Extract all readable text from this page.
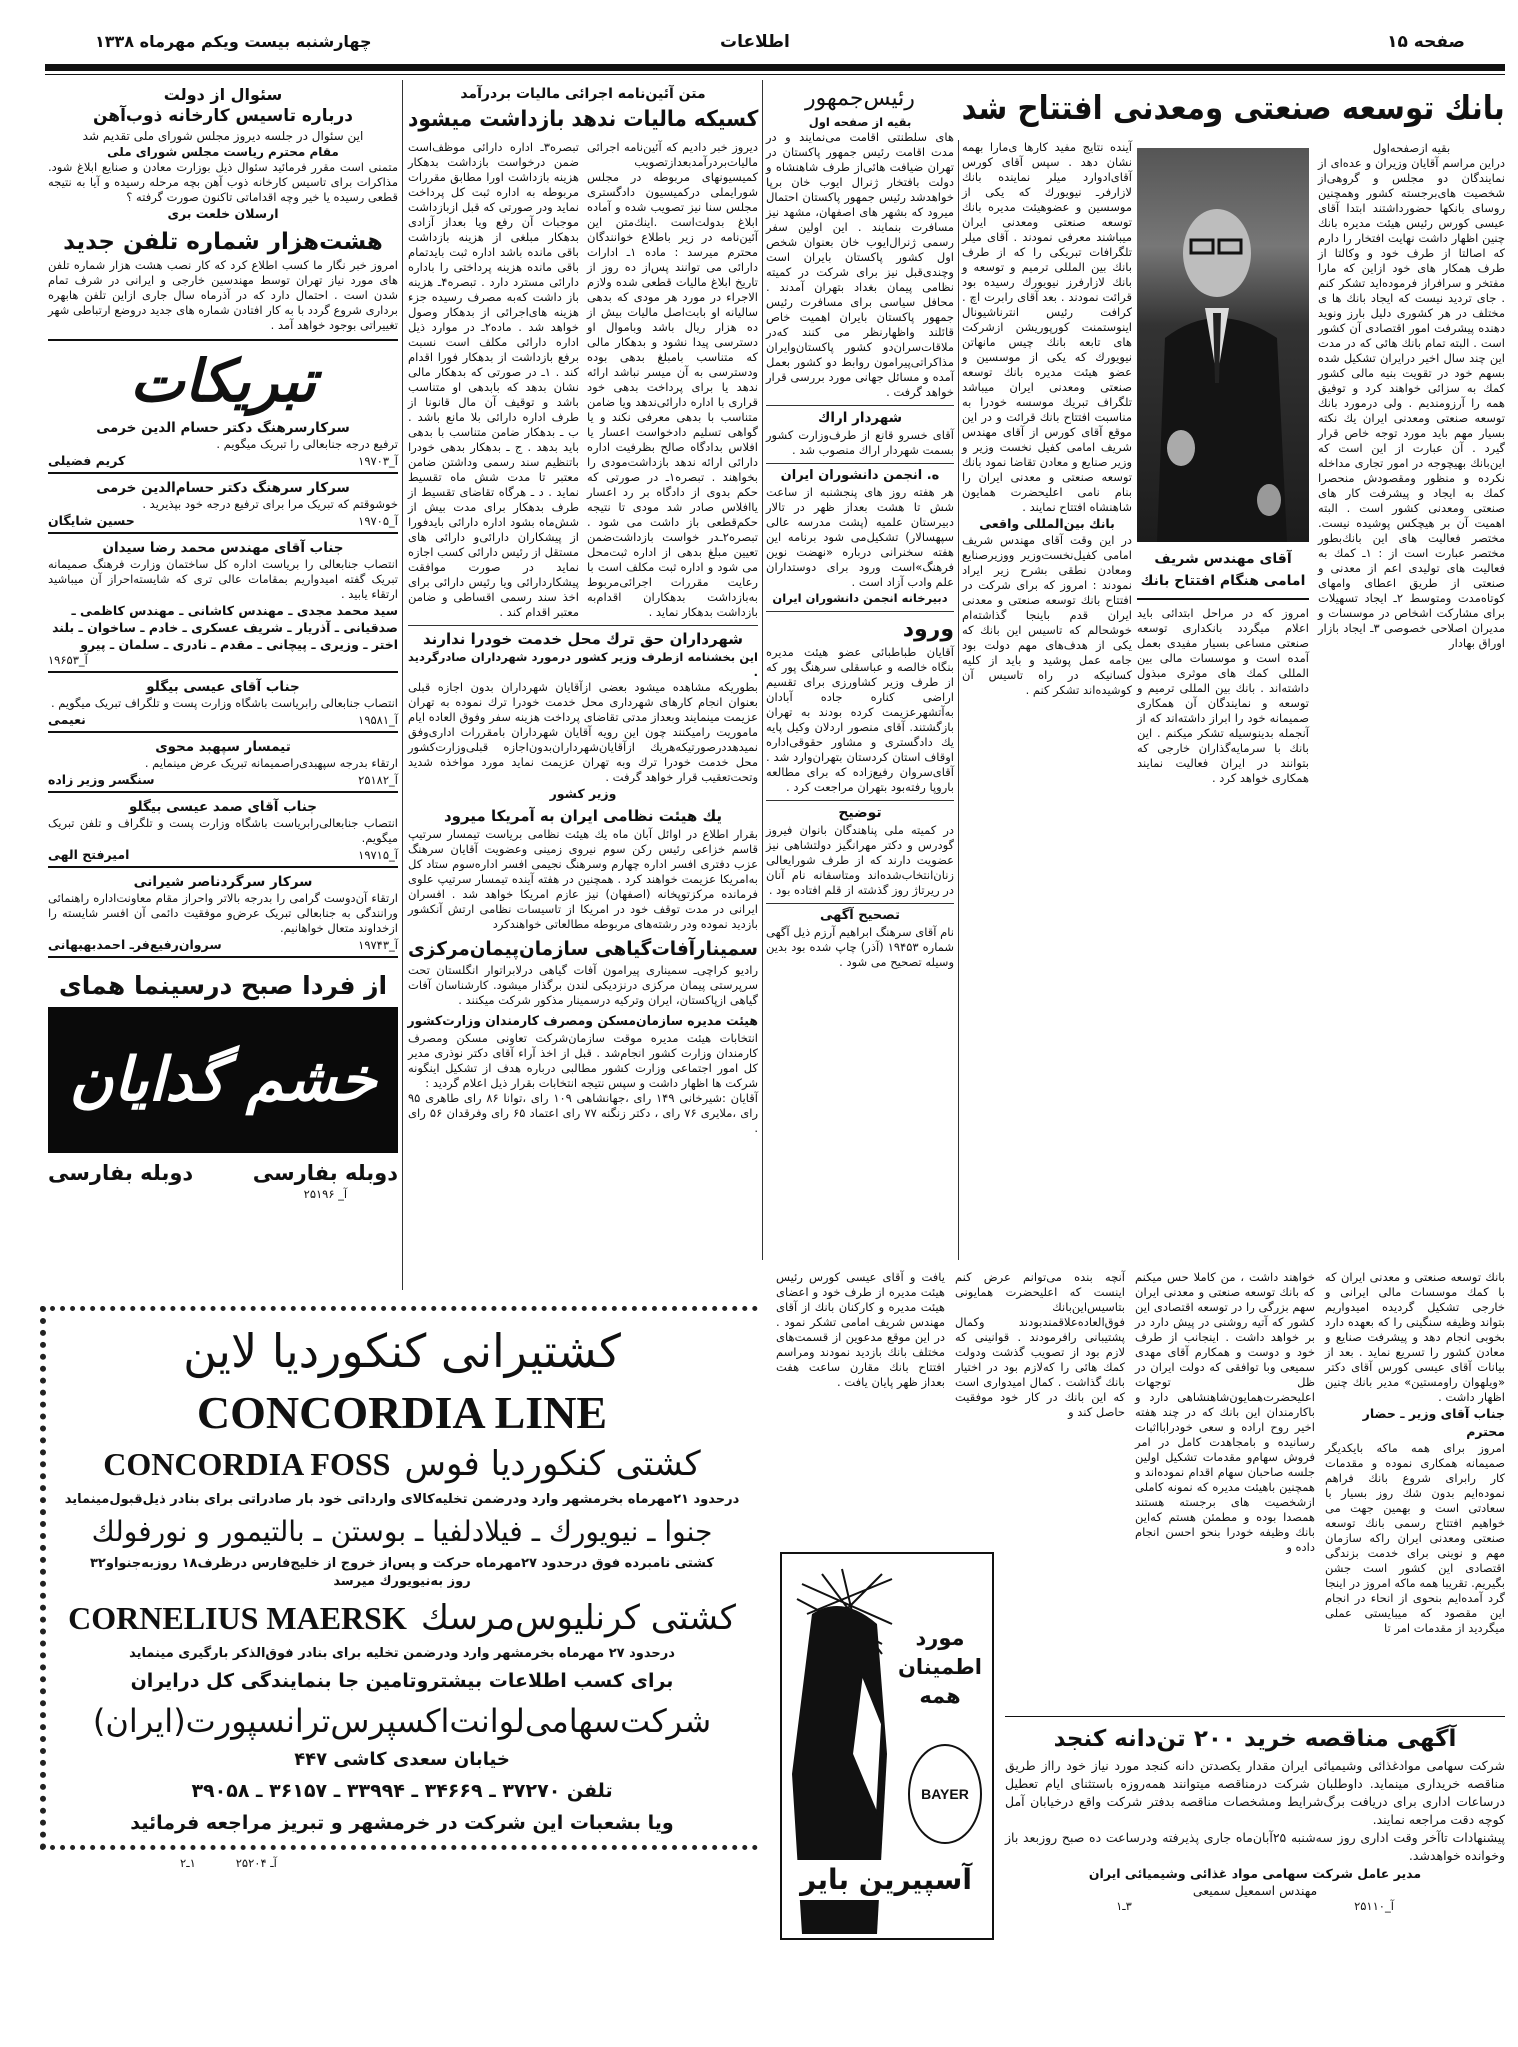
صفحه ۱۵
اطلاعات
چهارشنبه بیست ویکم مهرماه ۱۳۳۸
سئوال از دولت
درباره تاسیس کارخانه ذوب‌آهن
این سئوال در جلسه دیروز مجلس شورای ملی تقدیم شد
مقام محترم ریاست مجلس شورای ملی
متمنی است مقرر فرمائید سئوال ذیل بوزارت معادن و صنایع ابلاغ شود. مذاکرات برای تاسیس کارخانه ذوب آهن بچه مرحله رسیده و آیا به نتیجه قطعی رسیده یا خیر وچه اقداماتی تاکنون صورت گرفته ؟
ارسلان خلعت بری
هشت‌هزار شماره تلفن جدید
امروز خبر نگار ما کسب اطلاع کرد که کار نصب هشت هزار شماره تلفن های مورد نیاز تهران توسط مهندسین خارجی و ایرانی در شرف تمام شدن است . احتمال دارد که در آذرماه سال جاری ازاین تلفن هابهره برداری شروع گردد با به کار افتادن شماره های جدید دروضع ارتباطی شهر تغییراتی بوجود خواهد آمد .
تبریکات
سرکارسرهنگ دکتر حسام الدین خرمی
ترفیع درجه جنابعالی را تبریک میگویم .
آ_۱۹۷۰۳
کریم فضیلی
سرکار سرهنگ دکتر حسام‌الدین خرمی
خوشوقتم که تبریک مرا برای ترفیع درجه خود بپذیرید .
آ_۱۹۷۰۵
حسین شایگان
جناب آقای مهندس محمد رضا سیدان
انتصاب جنابعالی را بریاست اداره کل ساختمان وزارت فرهنگ صمیمانه تبریک گفته امیدواریم بمقامات عالی تری که شایسته‌احراز آن میباشید ارتقاء یابید .
سید محمد مجدی ـ مهندس کاشانی ـ مهندس کاظمی ـ صدقیانی ـ آذریار ـ شریف عسکری ـ خادم ـ ساخوان ـ بلند اختر ـ وزیری ـ پیچانی ـ مقدم ـ نادری ـ سلمان ـ پیرو
آ_۱۹۶۵۳
جناب آقای عیسی بیگلو
انتصاب جنابعالی رابریاست باشگاه وزارت پست و تلگراف تبریک میگویم .
آ_۱۹۵۸۱
نعیمی
تیمسار سپهبد محوی
ارتقاء بدرجه سپهبدی‌راصمیمانه تبریک عرض مینمایم .
آ_۲۵۱۸۲
سنگسر وزیر زاده
جناب آقای صمد عیسی بیگلو
انتصاب جنابعالی‌رابریاست باشگاه وزارت پست و تلگراف و تلفن تبریک میگویم.
آ_۱۹۷۱۵
امیرفتح الهی
سرکار سرگردناصر شیرانی
ارتقاء آن‌دوست گرامی را بدرجه بالاتر واحراز مقام معاونت‌اداره راهنمائی ورانندگی به جنابعالی تبریک عرض‌و موفقیت دائمی آن افسر شایسته را ازخداوند متعال خواهانیم.
آ_۱۹۷۴۳
سروان‌رفیع‌فر‌ـ احمدبهبهانی
از فردا صبح درسینما همای
خشم گدایان
دوبله بفارسی
آ_ ۲۵۱۹۶
دوبله بفارسی
متن آئین‌نامه اجرائی مالیات بردرآمد
کسیکه مالیات ندهد بازداشت میشود
دیروز خبر دادیم که آئین‌نامه اجرائی مالیات‌بردرآمدبعدازتصویب کمیسیونهای مربوطه در مجلس شورایملی درکمیسیون دادگستری مجلس سنا نیز تصویب شده و آماده ابلاغ بدولت‌است .اینك‌متن این آئین‌نامه در زیر باطلاع خوانندگان محترم میرسد : ماده ۱ـ ادارات دارائی می توانند پس‌از ده روز از تاریخ ابلاغ مالیات قطعی شده ولازم الاجراء در مورد هر مودی که بدهی سالیانه او بابت‌اصل مالیات بیش از ده هزار ریال باشد وباموال او دسترسی پیدا نشود و بدهکار مالی که متناسب بامبلغ بدهی بوده ودسترسی به آن میسر نباشد ارائه ندهد یا برای پرداخت بدهی خود قراری با اداره دارائی‌ندهد ویا ضامن متناسب با بدهی معرفی نکند و یا گواهی تسلیم دادخواست اعسار یا افلاس بدادگاه صالح بظرفیت اداره دارائی ارائه ندهد بازداشت‌مودی را بخواهند . تبصره۱ـ در صورتی که حکم بدوی از دادگاه بر رد اعسار یاافلاس صادر شد مودی تا نتیجه حکم‌قطعی باز داشت می شود . تبصره۲ـدر خواست بازداشت‌ضمن تعیین مبلغ بدهی از اداره ثبت‌محل می شود و اداره ثبت مکلف است با رعایت مقررات اجرائی‌مربوط به‌بازداشت بدهکاران اقدام‌به بازداشت بدهکار نماید .
تبصره۳ـ اداره دارائی موظف‌است ضمن درخواست بازداشت بدهکار هزینه بازداشت اورا مطابق مقررات مربوطه به اداره ثبت کل پرداخت نماید ودر صورتی که قبل ازبازداشت موجبات آن رفع ویا بعداز آزادی بدهکار مبلغی از هزینه بازداشت باقی مانده باشد اداره ثبت بایدتمام باقی مانده هزینه پرداختی را باداره دارائی مسترد دارد . تبصره۴ـ هزینه باز داشت که‌به مصرف رسیده جزء هزینه های‌اجرائی از بدهکار وصول خواهد شد . ماده۲ـ در موارد ذیل اداره دارائی مکلف است نسبت برفع بازداشت از بدهکار فورا اقدام کند . ۱ـ در صورتی که بدهکار مالی نشان بدهد که بابدهی او متناسب باشد و توقیف آن مال قانونا از طرف اداره دارائی بلا مانع باشد . ب ـ بدهکار ضامن متناسب با بدهی باید بدهد . ج ـ بدهکار بدهی خودرا باتنظیم سند رسمی وداشتن ضامن معتبر تا مدت شش ماه تقسیط نماید . د ـ هرگاه تقاضای تقسیط از طرف بدهکار برای مدت بیش از شش‌ماه بشود اداره دارائی بایدفورا از پیشکاران دارائی‌و دارائی های مستقل از رئیس دارائی کسب اجازه نماید در صورت موافقت پیشکاردارائی ویا رئیس دارائی برای اخذ سند رسمی اقساطی و ضامن معتبر اقدام کند .
شهرداران حق ترك محل خدمت خودرا ندارند
این بخشنامه ازطرف وزیر کشور درمورد شهرداران صادرگردید .
بطوریکه مشاهده میشود بعضی ازآقایان شهرداران بدون اجازه قبلی بعنوان انجام کارهای شهرداری محل خدمت خودرا ترك نموده به تهران عزیمت مینمایند وبعداز مدتی تقاضای پرداخت هزینه سفر وفوق العاده ایام ماموریت رامیکنند چون این رویه آقایان شهرداران بامقررات اداری‌وفق نمیدهددرصورتیکه‌هریك ازآقایان‌شهرداران‌بدون‌اجازه قبلی‌وزارت‌کشور محل خدمت خودرا ترك وبه تهران عزیمت نماید مورد مواخذه شدید وتحت‌تعقیب قرار خواهد گرفت .
وزیر کشور
يك هیئت نظامی ایران به آمریکا میرود
بقرار اطلاع در اوائل آبان ماه يك هیئت نظامی بریاست تیمسار سرتیپ قاسم خزاعی رئیس رکن سوم نیروی زمینی وعضویت آقایان سرهنگ عزب دفتری افسر اداره چهارم وسرهنگ نجیمی افسر اداره‌سوم ستاد کل به‌امریکا عزیمت خواهند کرد . همچنین در هفته آینده تیمسار سرتیپ علوی فرمانده مرکزتوپخانه (اصفهان) نیز عازم امریکا خواهد شد . افسران ایرانی در مدت توقف خود در امریکا از تاسیسات نظامی ارتش آنکشور بازدید نموده ودر رشته‌های مربوطه مطالعاتی خواهندکرد
سمینارآفات‌گیاهی سازمان‌پیمان‌مرکزی
رادیو کراچی‌ـ سمیناری پیرامون آفات گیاهی درلابراتوار انگلستان تحت سرپرستی پیمان مرکزی درنزدیکی لندن برگذار میشود. کارشناسان آفات گیاهی ازپاکستان، ایران وترکیه درسمینار مذکور شرکت میکنند .
هیئت مدیره سازمان‌مسکن ومصرف کارمندان وزارت‌کشور
انتخابات هیئت مدیره موقت سازمان‌شرکت تعاونی مسکن ومصرف کارمندان وزارت کشور انجام‌شد . قبل از اخذ آراء آقای دکتر نوذری مدیر کل امور اجتماعی وزارت کشور مطالبی درباره هدف از تشکیل اینگونه شرکت ها اظهار داشت و سپس نتیجه انتخابات بقرار ذیل اعلام گردید :
آقایان :شیرخانی ۱۴۹ رای ،جهانشاهی ۱۰۹ رای ،توانا ۸۶ رای طاهری ۹۵ رای ،ملایری ۷۶ رای ، دکتر زنگنه ۷۷ رای اعتماد ۶۵ رای وفرقدان ۵۶ رای .
رئیس‌جمهور
بقیه از صفحه اول
های سلطنتی اقامت می‌نمایند و در مدت اقامت رئیس جمهور پاکستان در تهران ضیافت هائی‌از طرف شاهنشاه و دولت بافتخار ژنرال ایوب خان برپا خواهدشد رئیس جمهور پاکستان احتمال میرود که بشهر های اصفهان، مشهد نیز مسافرت بنمایند . این اولین سفر رسمی ژنرال‌ایوب خان بعنوان شخص اول کشور پاکستان بایران است وچندی‌قبل نیز برای شرکت در کمیته نظامی پیمان بغداد بتهران آمدند . محافل سیاسی برای مسافرت رئیس جمهور پاکستان بایران اهمیت خاص قائلند واظهارنظر می کنند که‌در ملاقات‌سران‌دو کشور پاکستان‌وایران مذاکراتی‌پیرامون روابط دو کشور بعمل آمده و مسائل جهانی مورد بررسی قرار خواهد گرفت .
شهردار اراك
آقای خسرو قانع از طرف‌وزارت کشور بسمت شهردار اراك منصوب شد .
ه. انجمن دانشوران ایران
هر هفته روز های پنجشنبه از ساعت شش تا هشت بعداز ظهر در تالار دبیرستان علمیه (پشت مدرسه عالی سپهسالار) تشکیل‌می شود برنامه این هفته سخنرانی درباره «نهضت نوین فرهنگ»است ورود برای دوستداران علم وادب آزاد است .
دبیرخانه انجمن دانشوران ایران
ورود
آقایان طباطبائی عضو هیئت مدیره بنگاه خالصه و عباسقلی سرهنگ پور که از طرف وزیر کشاورزی برای تقسیم اراضی کناره جاده آبادان به‌آتشهرعزیمت کرده بودند به تهران بازگشتند. آقای منصور اردلان وکیل پایه يك دادگستری و مشاور حقوقی‌اداره اوقاف استان کردستان بتهران‌وارد شد . آقای‌سروان رفیع‌زاده که برای مطالعه باروپا رفته‌بود بتهران مراجعت کرد .
توضیح
در کمیته ملی پناهندگان بانوان فیروز گودرس و دکتر مهرانگیز دولتشاهی نیز عضویت دارند که از طرف شورایعالی زنان‌انتخاب‌شده‌اند ومتاسفانه نام آنان در ریرتاژ روز گذشته از قلم افتاده بود .
تصحیح آگهی
نام آقای سرهنگ ابراهیم آرزم ذیل آگهی شماره ۱۹۴۵۳ (آذر) چاپ شده بود بدین وسیله تصحیح می شود .
بانك توسعه صنعتی ومعدنی افتتاح شد
بقیه ازصفحه‌اول
دراین مراسم آقایان وزیران و عده‌ای از نمایندگان دو مجلس و گروهی‌از شخصیت های‌برجسته کشور وهمچنین روسای بانکها حضورداشتند ابتدا آقای عیسی کورس رئیس هیئت مدیره بانك چنین اظهار داشت نهایت افتخار را دارم که اصالتا از طرف خود و وکالتا از طرف همکار های خود ازاین که مارا مفتخر و سرافراز فرموده‌اید تشکر کنم . جای تردید نیست که ایجاد بانك ها ی مختلف در هر کشوری دلیل بارز ونوید دهنده پیشرفت امور اقتصادی آن کشور است . البته تمام بانك هائی که در مدت این چند سال اخیر درایران تشکیل شده بسهم خود در تقویت بنیه مالی کشور کمك به سزائی خواهند کرد و توفیق همه را آرزومندیم . ولی درمورد بانك توسعه صنعتی ومعدنی ایران يك نکته بسیار مهم باید مورد توجه خاص قرار گیرد . آن عبارت از این است که این‌بانك بهیچوجه در امور تجاری مداخله نکرده و منظور ومقصودش منحصرا کمك به ایجاد و پیشرفت کار های صنعتی ومعدنی کشور است . البته اهمیت آن بر هیچکس پوشیده نیست. مختصر فعالیت های این بانك‌بطور مختصر عبارت است از : ۱ـ کمك به فعالیت های تولیدی اعم از معدنی و صنعتی از طریق اعطای وامهای کوتاه‌مدت ومتوسط ۲ـ ایجاد تسهیلات برای مشارکت اشخاص در موسسات و مدیران اصلاحی خصوصی ۳ـ ایجاد بازار اوراق بهادار
آقای مهندس شریف امامی هنگام افتتاح بانك
امروز که در مراحل ابتدائی باید اعلام میگردد بانکداری توسعه صنعتی مساعی بسیار مفیدی بعمل آمده است و موسسات مالی بین المللی کمك های موثری مبذول داشته‌اند . بانك بین المللی ترمیم و توسعه و نمایندگان آن همکاری صمیمانه خود را ابراز داشته‌اند که از آنجمله بدینوسیله تشکر میکنم . این بانك با سرمایه‌گذاران خارجی که بتوانند در ایران فعالیت نمایند همکاری خواهد کرد .
آینده نتایج مفید کارها ی‌مارا بهمه نشان دهد . سپس آقای کورس آقای‌ادوارد میلر نماینده بانك لازارفرـ نیویورك که یکی از موسسین و عضوهیئت مدیره بانك توسعه صنعتی ومعدنی ایران میباشند معرفی نمودند . آقای میلر تلگرافات تبریکی را که از طرف بانك بین المللی ترمیم و توسعه و بانك لازارفرز نیویورك رسیده بود قرائت نمودند . بعد آقای رابرت اچ . کرافت رئیس انترناشیونال اینوستمنت کورپوریشن ازشرکت های تابعه بانك چیس مانهاتن نیویورك که یکی از موسسین و عضو هیئت مدیره بانك توسعه صنعتی ومعدنی ایران میباشد تلگراف تبریك موسسه خودرا به مناسبت افتتاح بانك قرائت و در این موقع آقای کورس از آقای مهندس شریف امامی کفیل نخست وزیر و وزیر صنایع و معادن تقاضا نمود بانك توسعه صنعتی و معدنی ایران را بنام نامی اعلیحضرت همایون شاهنشاه افتتاح نمایند .
بانك بین‌المللی واقعی
در این وقت آقای مهندس شریف امامی کفیل‌نخست‌وزیر ووزیرصنایع ومعادن نطقی بشرح زیر ایراد نمودند : امروز که برای شرکت در افتتاح بانك توسعه صنعتی و معدنی ایران قدم باینجا گذاشته‌ام خوشحالم که تاسیس این بانك که یکی از هدف‌های مهم دولت بود جامه عمل پوشید و باید از کلیه کسانیکه در راه تاسیس آن کوشیده‌اند تشکر کنم .
بانك توسعه صنعتی و معدنی ایران که با کمك موسسات مالی ایرانی و خارجی تشکیل گردیده امیدواریم بتواند وظیفه سنگینی را که بعهده دارد بخوبی انجام دهد و پیشرفت صنایع و معادن کشور را تسریع نماید . بعد از بیانات آقای عیسی کورس آقای دکتر «ویلهوان راومستین» مدیر بانك چنین اظهار داشت .
جناب آقای وزیر ـ حضار محترم
امروز برای همه ماکه بایکدیگر صمیمانه همکاری نموده و مقدمات کار رابرای شروع بانك فراهم نموده‌ایم بدون شك روز بسیار با سعادتی است و بهمین جهت می خواهیم افتتاح رسمی بانك توسعه صنعتی ومعدنی ایران راکه سازمان مهم و نوینی برای خدمت بزندگی اقتصادی این کشور است جشن بگیریم. تقریبا همه ماکه امروز در اینجا گرد آمده‌ایم بنحوی از انحاء در انجام این مقصود که میبایستی عملی میگردید از مقدمات امر تا
خواهند داشت ، من کاملا حس میکنم که بانك توسعه صنعتی و معدنی ایران سهم بزرگی را در توسعه اقتصادی این کشور که آتیه روشنی در پیش دارد در بر خواهد داشت . اینجانب از طرف خود و دوست و همکارم آقای مهدی سمیعی وبا توافقی که دولت ایران در ظل توجهات اعلیحضرت‌همایون‌شاهنشاهی دارد و باکارمندان این بانك که در چند هفته اخیر روح اراده و سعی خودرابااثبات رسانیده و بامجاهدت کامل در امر فروش سهام‌و مقدمات تشکیل اولین جلسه صاحبان سهام اقدام نموده‌اند و همچنین باهیئت مدیره که نمونه کاملی ازشخصیت های برجسته هستند همصدا بوده و مطمئن هستم که‌این بانك وظیفه خودرا بنحو احسن انجام داده و
آنچه بنده می‌توانم عرض کنم اینست که اعلیحضرت همایونی بتاسیس‌این‌بانك فوق‌العاده‌علاقمندبودند وکمال پشتیبانی رافرمودند . قوانینی که لازم بود از تصویب گذشت ودولت کمك هائی را که‌لازم بود در اختیار بانك گذاشت . کمال امیدواری است که این بانك در کار خود موفقیت حاصل کند و
یافت و آقای عیسی کورس رئیس هیئت مدیره از طرف خود و اعضای هیئت مدیره و کارکنان بانك از آقای مهندس شریف امامی تشکر نمود . در این موقع مدعوین از قسمت‌های مختلف بانك بازدید نمودند ومراسم افتتاح بانك مقارن ساعت هفت بعداز ظهر پایان یافت .
کشتیرانی کنکوردیا لاین
CONCORDIA LINE
CONCORDIA FOSS کشتی کنکوردیا فوس
درحدود ۲۱مهرماه بخرمشهر وارد ودرضمن تخلیه‌کالای وارداتی خود بار صادراتی برای بنادر ذیل‌قبول‌مینماید
جنوا ـ نیویورك ـ فیلادلفیا ـ بوستن ـ بالتیمور و نورفولك
کشتی نامبرده فوق درحدود ۲۷مهرماه حرکت و پس‌از خروج از خلیج‌فارس درظرف۱۸ روزبه‌جنوا‌و۳۲ روز به‌نیویورك میرسد
CORNELIUS MAERSK کشتی کرنلیوس‌مرسك
درحدود ۲۷ مهرماه بخرمشهر وارد ودرضمن تخلیه برای بنادر فوق‌الذکر بارگیری مینماید
برای کسب اطلاعات بیشتروتامین جا بنمایندگی کل درایران
شرکت‌سهامی‌لوانت‌اکسپرس‌ترانسپورت(ایران)
خیابان سعدی کاشی ۴۴۷
تلفن ۳۷۲۷۰ ـ ۳۴۶۶۹ ـ ۳۳۹۹۴ ـ ۳۶۱۵۷ ـ ۳۹۰۵۸
ویا بشعبات این شرکت در خرمشهر و تبریز مراجعه فرمائید
۱ـ۲	آـ ۲۵۲۰۴
مورد اطمینان همه
BAYER
آسپیرین بایر
آگهی مناقصه خرید ۲۰۰ تن‌دانه کنجد
شرکت سهامی موادغذائی وشیمیائی ایران مقدار یکصدتن دانه کنجد مورد نیاز خود رااز طریق مناقصه خریداری مینماید. داوطلبان شرکت درمناقصه میتوانند همه‌روزه باستثنای ایام تعطیل درساعات اداری برای دریافت برگ‌شرایط ومشخصات مناقصه بدفتر شرکت واقع درخیابان آمل کوچه دقت مراجعه نمایند.
پیشنهادات تاآخر وقت اداری روز سه‌شنبه ۲۵آبان‌ماه جاری پذیرفته ودرساعت ده صبح روزبعد باز وخوانده خواهدشد.
مدیر عامل شرکت سهامی مواد غذائی وشیمیائی ایران
مهندس اسمعیل سمیعی
آ_۲۵۱۱۰
۳ـ۱
